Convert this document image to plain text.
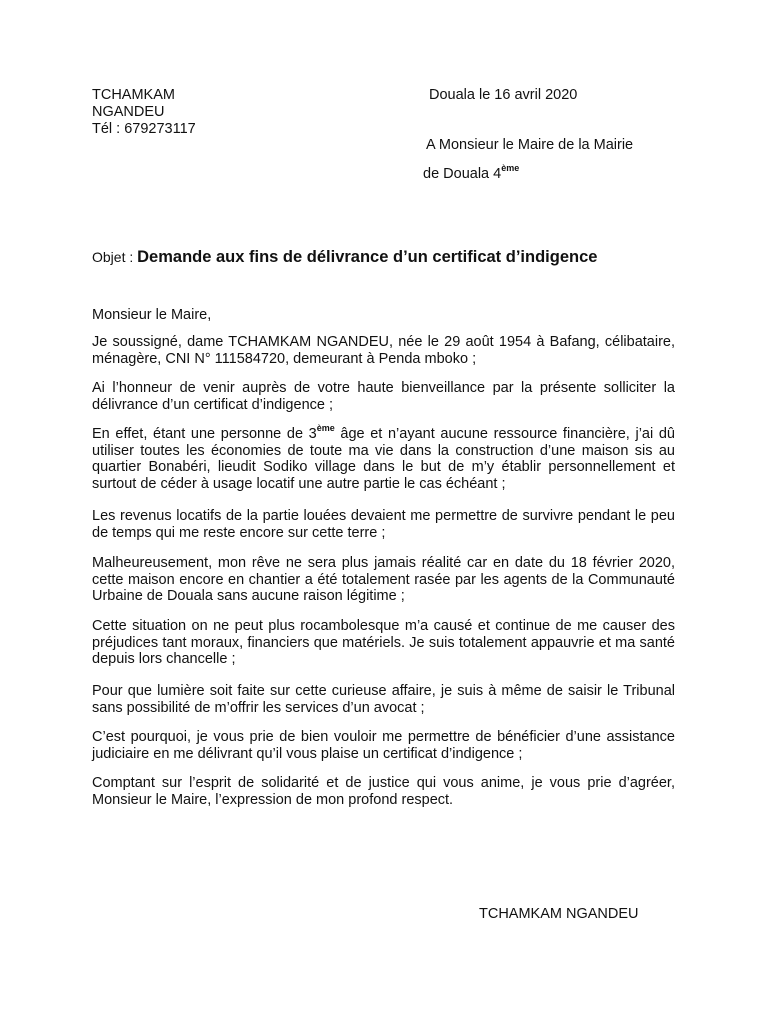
TCHAMKAM
NGANDEU
Tél : 679273117
Douala le 16 avril 2020
A Monsieur le Maire de la Mairie
de Douala 4ème
Objet : Demande aux fins de délivrance d’un certificat d’indigence
Monsieur le Maire,

Je soussigné, dame TCHAMKAM NGANDEU, née le 29 août 1954 à Bafang, célibataire, ménagère, CNI N° 111584720, demeurant à Penda mboko ;

Ai l’honneur de venir auprès de votre haute bienveillance par la présente solliciter la délivrance d’un certificat d’indigence ;

En effet, étant une personne de 3ème âge et n’ayant aucune ressource financière, j’ai dû utiliser toutes les économies de toute ma vie dans la construction d’une maison sis au quartier Bonabéri, lieudit Sodiko village dans le but de m’y établir personnellement et surtout de céder à usage locatif une autre partie le cas échéant ;

Les revenus locatifs de la partie louées devaient me permettre de survivre pendant le peu de temps qui me reste encore sur cette terre ;

Malheureusement, mon rêve ne sera plus jamais réalité car en date du 18 février 2020, cette maison encore en chantier a été totalement rasée par les agents de la Communauté Urbaine de Douala sans aucune raison légitime ;

Cette situation on ne peut plus rocambolesque m’a causé et continue de me causer des préjudices tant moraux, financiers que matériels. Je suis totalement appauvrie et ma santé depuis lors chancelle ;

Pour que lumière soit faite sur cette curieuse affaire, je suis à même de saisir le Tribunal sans possibilité de m’offrir les services d’un avocat ;

C’est pourquoi, je vous prie de bien vouloir me permettre de bénéficier d’une assistance judiciaire en me délivrant qu’il vous plaise un certificat d’indigence ;

Comptant sur l’esprit de solidarité et de justice qui vous anime, je vous prie d’agréer, Monsieur le Maire, l’expression de mon profond respect.

TCHAMKAM NGANDEU
